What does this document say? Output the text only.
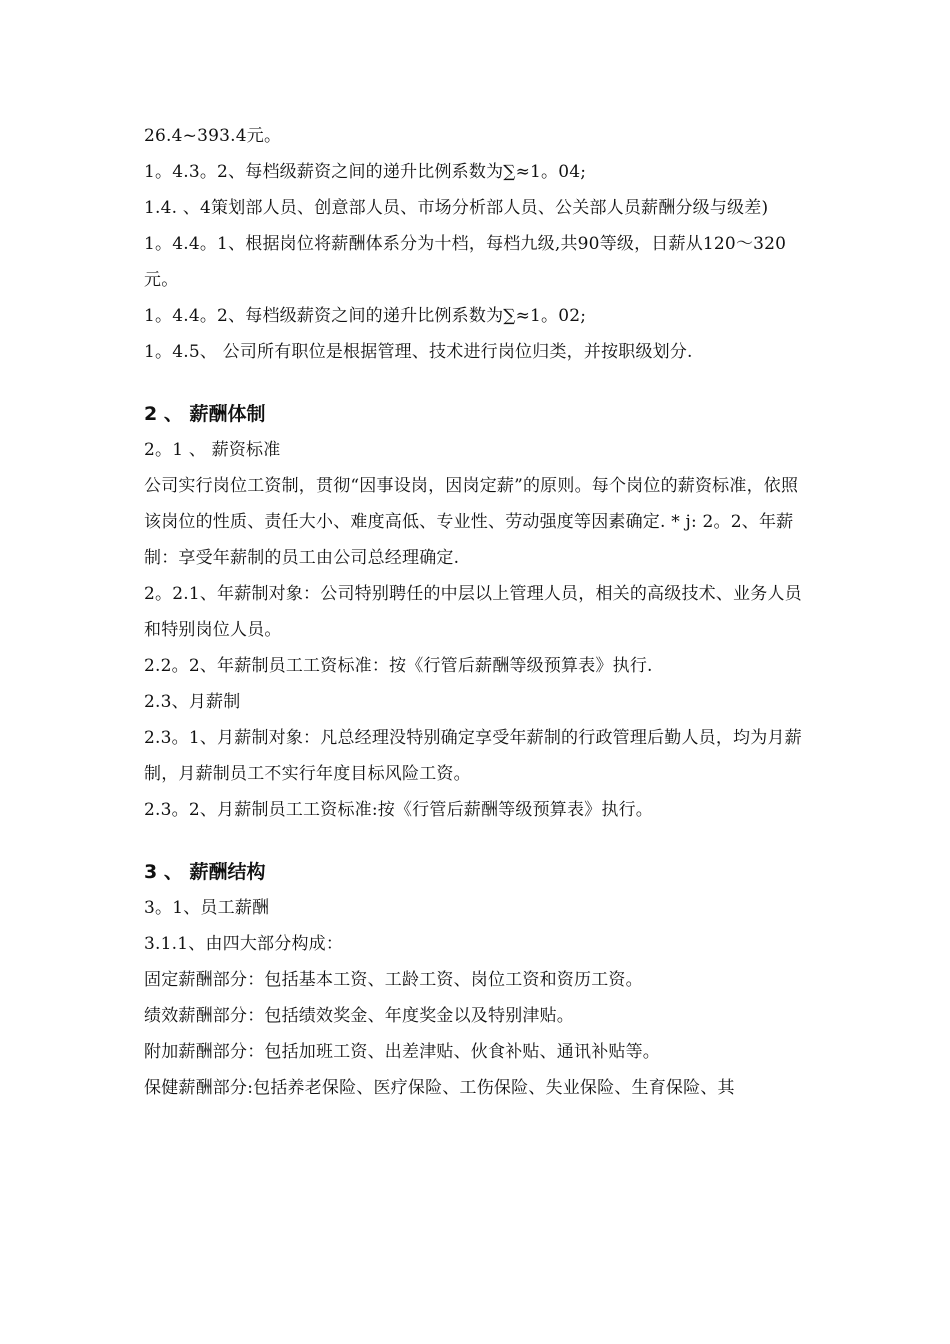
26.4~393.4元。

1。4.3。2、每档级薪资之间的递升比例系数为∑≈1。04;

1.4. 、4策划部人员、创意部人员、市场分析部人员、公关部人员薪酬分级与级差)

1。4.4。1、根据岗位将薪酬体系分为十档，每档九级,共90等级，日薪从120～320元。

1。4.4。2、每档级薪资之间的递升比例系数为∑≈1。02;

1。4.5、 公司所有职位是根据管理、技术进行岗位归类，并按职级划分.

2 、 薪酬体制

2。1 、 薪资标准

公司实行岗位工资制，贯彻“因事设岗，因岗定薪”的原则。每个岗位的薪资标准，依照该岗位的性质、责任大小、难度高低、专业性、劳动强度等因素确定. * j: 2。2、年薪制：享受年薪制的员工由公司总经理确定.

2。2.1、年薪制对象：公司特别聘任的中层以上管理人员，相关的高级技术、业务人员和特别岗位人员。

2.2。2、年薪制员工工资标准：按《行管后薪酬等级预算表》执行.

2.3、月薪制

2.3。1、月薪制对象：凡总经理没特别确定享受年薪制的行政管理后勤人员，均为月薪制，月薪制员工不实行年度目标风险工资。

2.3。2、月薪制员工工资标准:按《行管后薪酬等级预算表》执行。

3 、 薪酬结构

3。1、员工薪酬

3.1.1、由四大部分构成：

固定薪酬部分：包括基本工资、工龄工资、岗位工资和资历工资。

绩效薪酬部分：包括绩效奖金、年度奖金以及特别津贴。

附加薪酬部分：包括加班工资、出差津贴、伙食补贴、通讯补贴等。

保健薪酬部分:包括养老保险、医疗保险、工伤保险、失业保险、生育保险、其
